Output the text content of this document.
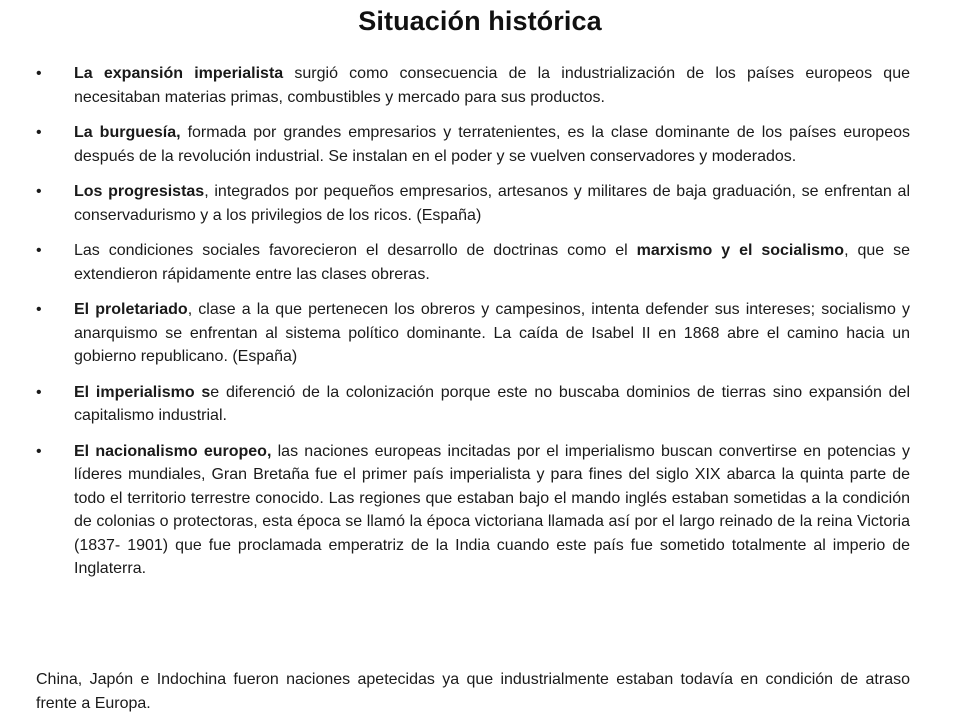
Situación histórica
•	La expansión imperialista surgió como consecuencia de la industrialización de los países europeos que necesitaban materias primas, combustibles y mercado para sus productos.
•	La burguesía, formada por grandes empresarios y terratenientes, es la clase dominante de los países europeos después de la revolución industrial. Se instalan en el poder y se vuelven conservadores y moderados.
•	Los progresistas, integrados por pequeños empresarios, artesanos y militares de baja graduación, se enfrentan al conservadurismo y a los privilegios de los ricos. (España)
•	Las condiciones sociales favorecieron el desarrollo de doctrinas como el marxismo y el socialismo, que se extendieron rápidamente entre las clases obreras.
•	El proletariado, clase a la que pertenecen los obreros y campesinos, intenta defender sus intereses; socialismo y anarquismo se enfrentan al sistema político dominante. La caída de Isabel II en 1868 abre el camino hacia un gobierno republicano. (España)
•	El imperialismo se diferenció de la colonización porque este no buscaba dominios de tierras sino expansión del capitalismo industrial.
•	El nacionalismo europeo, las naciones europeas incitadas por el imperialismo buscan convertirse en potencias y líderes mundiales, Gran Bretaña fue el primer país imperialista y para fines del siglo XIX abarca la quinta parte de todo el territorio terrestre conocido. Las regiones que estaban bajo el mando inglés estaban sometidas a la condición de colonias o protectoras, esta época se llamó la época victoriana llamada así por el largo reinado de la reina Victoria (1837- 1901) que fue proclamada emperatriz de la India cuando este país fue sometido totalmente al imperio de Inglaterra.

China, Japón e Indochina fueron naciones apetecidas ya que industrialmente estaban todavía en condición de atraso frente a Europa.
